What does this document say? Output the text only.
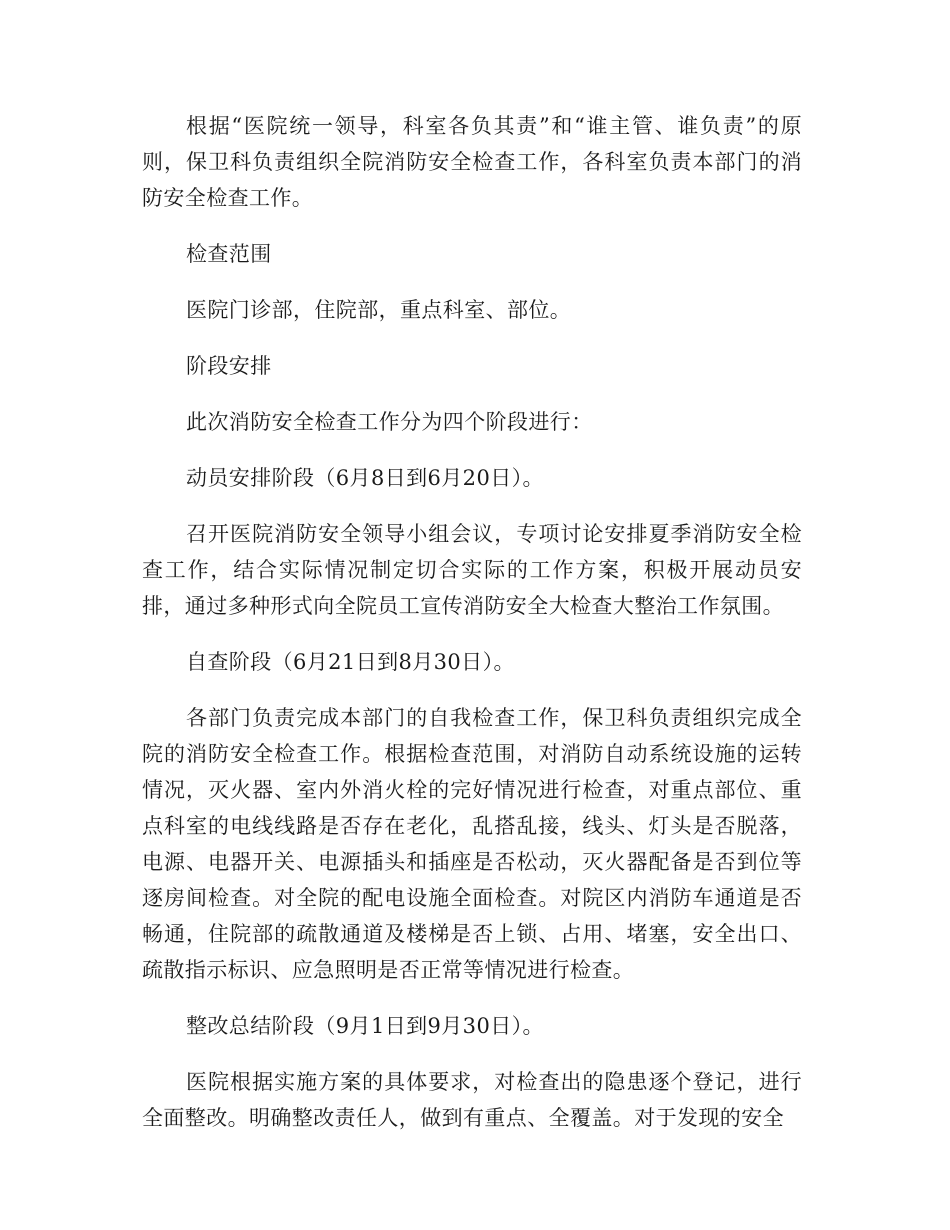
根据“医院统一领导，科室各负其责”和“谁主管、谁负责”的原则，保卫科负责组织全院消防安全检查工作，各科室负责本部门的消防安全检查工作。

检查范围

医院门诊部，住院部，重点科室、部位。

阶段安排

此次消防安全检查工作分为四个阶段进行：

动员安排阶段（6月8日到6月20日）。

召开医院消防安全领导小组会议，专项讨论安排夏季消防安全检查工作，结合实际情况制定切合实际的工作方案，积极开展动员安排，通过多种形式向全院员工宣传消防安全大检查大整治工作氛围。

自查阶段（6月21日到8月30日）。

各部门负责完成本部门的自我检查工作，保卫科负责组织完成全院的消防安全检查工作。根据检查范围，对消防自动系统设施的运转情况，灭火器、室内外消火栓的完好情况进行检查，对重点部位、重点科室的电线线路是否存在老化，乱搭乱接，线头、灯头是否脱落，电源、电器开关、电源插头和插座是否松动，灭火器配备是否到位等逐房间检查。对全院的配电设施全面检查。对院区内消防车通道是否畅通，住院部的疏散通道及楼梯是否上锁、占用、堵塞，安全出口、疏散指示标识、应急照明是否正常等情况进行检查。

整改总结阶段（9月1日到9月30日）。

医院根据实施方案的具体要求，对检查出的隐患逐个登记，进行全面整改。明确整改责任人，做到有重点、全覆盖。对于发现的安全
